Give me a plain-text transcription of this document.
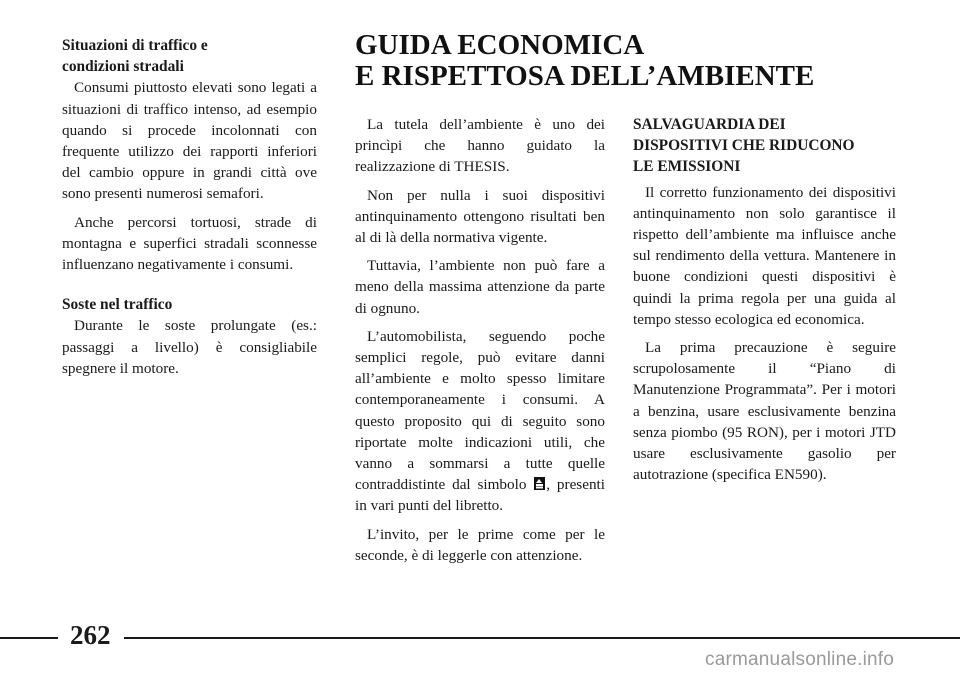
Situazioni di traffico e
condizioni stradali

Consumi piuttosto elevati sono legati a situazioni di traffico intenso, ad esempio quando si procede incolonnati con frequente utilizzo dei rapporti inferiori del cambio oppure in grandi città ove sono presenti numerosi semafori.

Anche percorsi tortuosi, strade di montagna e superfici stradali sconnesse influenzano negativamente i consumi.

Soste nel traffico

Durante le soste prolungate (es.: passaggi a livello) è consigliabile spegnere il motore.

GUIDA ECONOMICA
E RISPETTOSA DELL’AMBIENTE

La tutela dell’ambiente è uno dei princìpi che hanno guidato la realizzazione di THESIS.

Non per nulla i suoi dispositivi antinquinamento ottengono risultati ben al di là della normativa vigente.

Tuttavia, l’ambiente non può fare a meno della massima attenzione da parte di ognuno.

L’automobilista, seguendo poche semplici regole, può evitare danni all’ambiente e molto spesso limitare contemporaneamente i consumi. A questo proposito qui di seguito sono riportate molte indicazioni utili, che vanno a sommarsi a tutte quelle contraddistinte dal simbolo , presenti in vari punti del libretto.

L’invito, per le prime come per le seconde, è di leggerle con attenzione.

SALVAGUARDIA DEI
DISPOSITIVI CHE RIDUCONO
LE EMISSIONI

Il corretto funzionamento dei dispositivi antinquinamento non solo garantisce il rispetto dell’ambiente ma influisce anche sul rendimento della vettura. Mantenere in buone condizioni questi dispositivi è quindi la prima regola per una guida al tempo stesso ecologica ed economica.

La prima precauzione è seguire scrupolosamente il “Piano di Manutenzione Programmata”. Per i motori a benzina, usare esclusivamente benzina senza piombo (95 RON), per i motori JTD usare esclusivamente gasolio per autotrazione (specifica EN590).

262
carmanualsonline.info
